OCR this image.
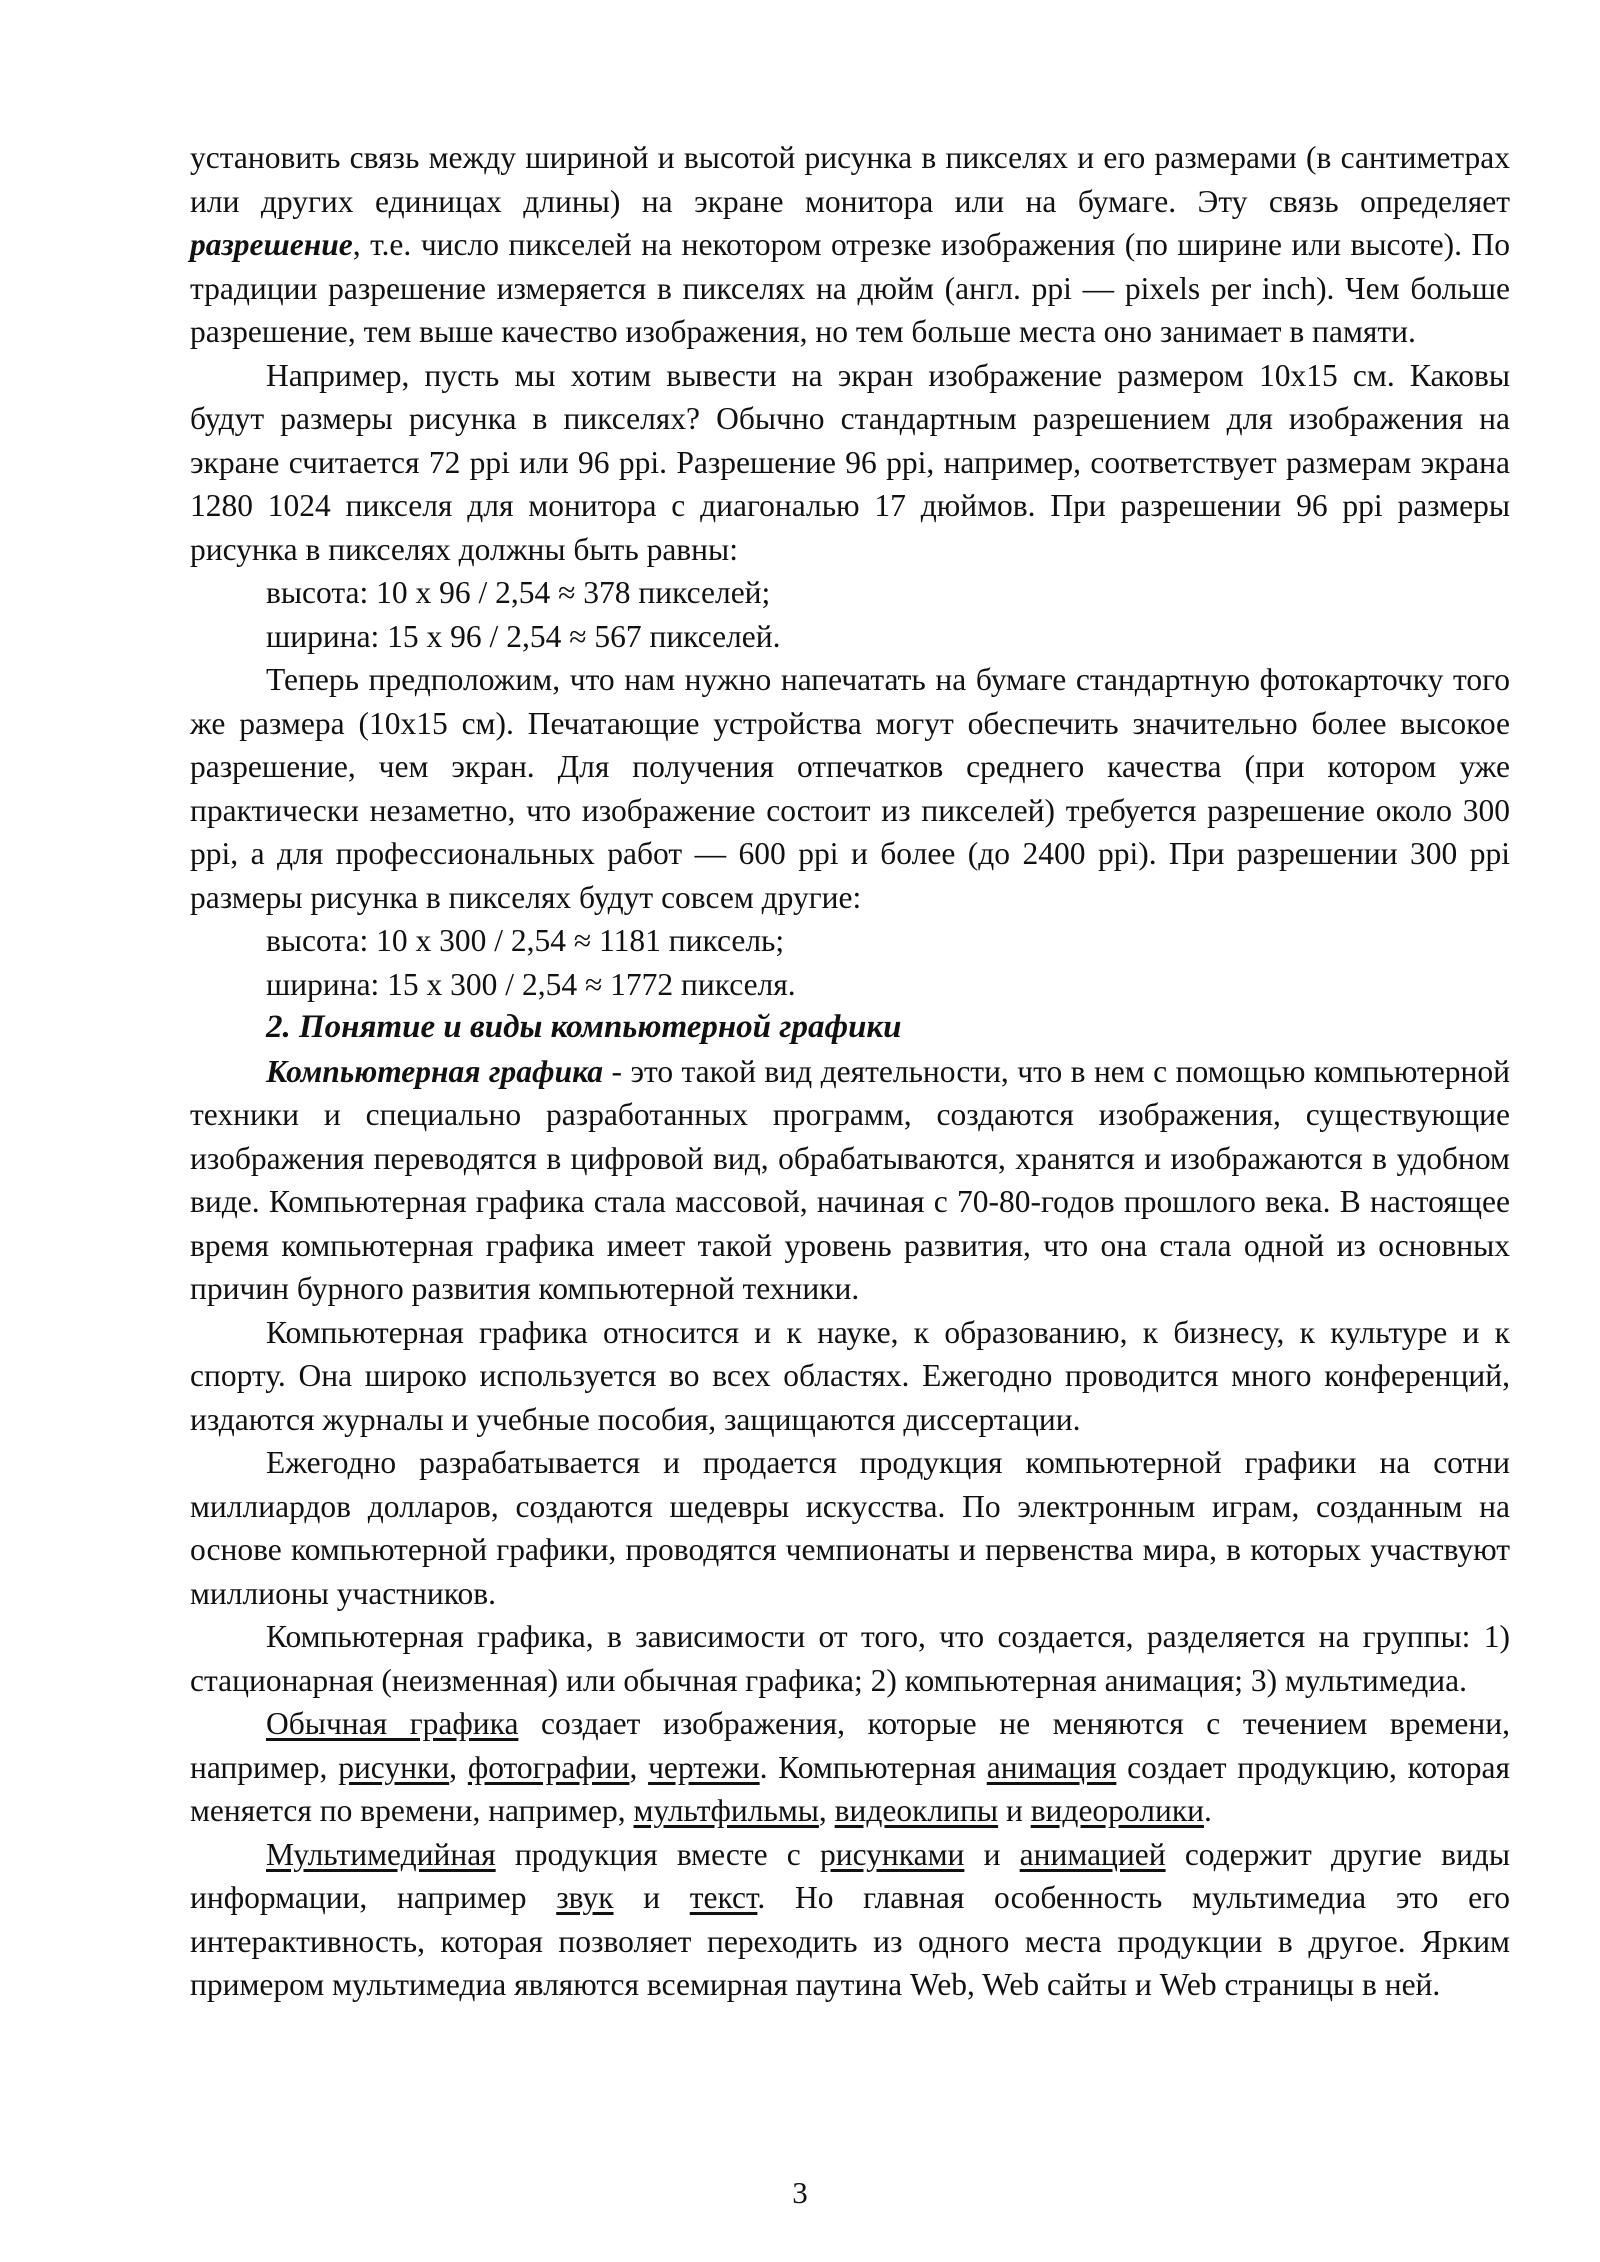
установить связь между шириной и высотой рисунка в пикселях и его размерами (в сантиметрах или других единицах длины) на экране монитора или на бумаге. Эту связь определяет разрешение, т.е. число пикселей на некотором отрезке изображения (по ширине или высоте). По традиции разрешение измеряется в пикселях на дюйм (англ. ppi — pixels per inch). Чем больше разрешение, тем выше качество изображения, но тем больше места оно занимает в памяти.

Например, пусть мы хотим вывести на экран изображение размером 10x15 см. Каковы будут размеры рисунка в пикселях? Обычно стандартным разрешением для изображения на экране считается 72 ppi или 96 ppi. Разрешение 96 ppi, например, соответствует размерам экрана 1280 1024 пикселя для монитора с диагональю 17 дюймов. При разрешении 96 ppi размеры рисунка в пикселях должны быть равны:

высота: 10 x 96 / 2,54 ≈ 378 пикселей;

ширина: 15 x 96 / 2,54 ≈ 567 пикселей.

Теперь предположим, что нам нужно напечатать на бумаге стандартную фотокарточку того же размера (10x15 см). Печатающие устройства могут обеспечить значительно более высокое разрешение, чем экран. Для получения отпечатков среднего качества (при котором уже практически незаметно, что изображение состоит из пикселей) требуется разрешение около 300 ppi, а для профессиональных работ — 600 ppi и более (до 2400 ppi). При разрешении 300 ppi размеры рисунка в пикселях будут совсем другие:

высота: 10 x 300 / 2,54 ≈ 1181 пиксель;

ширина: 15 x 300 / 2,54 ≈ 1772 пикселя.

2. Понятие и виды компьютерной графики

Компьютерная графика - это такой вид деятельности, что в нем с помощью компьютерной техники и специально разработанных программ, создаются изображения, существующие изображения переводятся в цифровой вид, обрабатываются, хранятся и изображаются в удобном виде. Компьютерная графика стала массовой, начиная с 70-80-годов прошлого века. В настоящее время компьютерная графика имеет такой уровень развития, что она стала одной из основных причин бурного развития компьютерной техники.

Компьютерная графика относится и к науке, к образованию, к бизнесу, к культуре и к спорту. Она широко используется во всех областях. Ежегодно проводится много конференций, издаются журналы и учебные пособия, защищаются диссертации.

Ежегодно разрабатывается и продается продукция компьютерной графики на сотни миллиардов долларов, создаются шедевры искусства. По электронным играм, созданным на основе компьютерной графики, проводятся чемпионаты и первенства мира, в которых участвуют миллионы участников.

Компьютерная графика, в зависимости от того, что создается, разделяется на группы: 1) стационарная (неизменная) или обычная графика; 2) компьютерная анимация; 3) мультимедиа.

Обычная графика создает изображения, которые не меняются с течением времени, например, рисунки, фотографии, чертежи. Компьютерная анимация создает продукцию, которая меняется по времени, например, мультфильмы, видеоклипы и видеоролики.

Мультимедийная продукция вместе с рисунками и анимацией содержит другие виды информации, например звук и текст. Но главная особенность мультимедиа это его интерактивность, которая позволяет переходить из одного места продукции в другое. Ярким примером мультимедиа являются всемирная паутина Web, Web сайты и Web страницы в ней.

3
